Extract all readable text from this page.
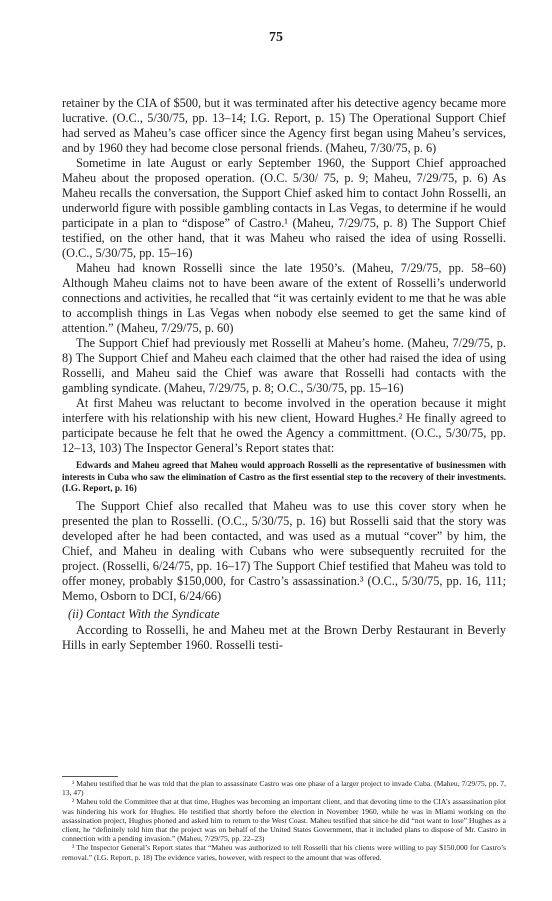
75

retainer by the CIA of $500, but it was terminated after his detective agency became more lucrative. (O.C., 5/30/75, pp. 13–14; I.G. Report, p. 15) The Operational Support Chief had served as Maheu’s case officer since the Agency first began using Maheu’s services, and by 1960 they had become close personal friends. (Maheu, 7/30/75, p. 6)

Sometime in late August or early September 1960, the Support Chief approached Maheu about the proposed operation. (O.C. 5/30/ 75, p. 9; Maheu, 7/29/75, p. 6) As Maheu recalls the conversation, the Support Chief asked him to contact John Rosselli, an underworld figure with possible gambling contacts in Las Vegas, to determine if he would participate in a plan to “dispose” of Castro.¹ (Maheu, 7/29/75, p. 8) The Support Chief testified, on the other hand, that it was Maheu who raised the idea of using Rosselli. (O.C., 5/30/75, pp. 15–16)

Maheu had known Rosselli since the late 1950’s. (Maheu, 7/29/75, pp. 58–60) Although Maheu claims not to have been aware of the extent of Rosselli’s underworld connections and activities, he recalled that “it was certainly evident to me that he was able to accomplish things in Las Vegas when nobody else seemed to get the same kind of attention.” (Maheu, 7/29/75, p. 60)

The Support Chief had previously met Rosselli at Maheu’s home. (Maheu, 7/29/75, p. 8) The Support Chief and Maheu each claimed that the other had raised the idea of using Rosselli, and Maheu said the Chief was aware that Rosselli had contacts with the gambling syndicate. (Maheu, 7/29/75, p. 8; O.C., 5/30/75, pp. 15–16)

At first Maheu was reluctant to become involved in the operation because it might interfere with his relationship with his new client, Howard Hughes.² He finally agreed to participate because he felt that he owed the Agency a committment. (O.C., 5/30/75, pp. 12–13, 103) The Inspector General’s Report states that:

Edwards and Maheu agreed that Maheu would approach Rosselli as the representative of businessmen with interests in Cuba who saw the elimination of Castro as the first essential step to the recovery of their investments. (I.G. Report, p. 16)

The Support Chief also recalled that Maheu was to use this cover story when he presented the plan to Rosselli. (O.C., 5/30/75, p. 16) but Rosselli said that the story was developed after he had been contacted, and was used as a mutual “cover” by him, the Chief, and Maheu in dealing with Cubans who were subsequently recruited for the project. (Rosselli, 6/24/75, pp. 16–17) The Support Chief testified that Maheu was told to offer money, probably $150,000, for Castro’s assassination.³ (O.C., 5/30/75, pp. 16, 111; Memo, Osborn to DCI, 6/24/66)

(ii) Contact With the Syndicate

According to Rosselli, he and Maheu met at the Brown Derby Restaurant in Beverly Hills in early September 1960. Rosselli testi-

¹ Maheu testified that he was told that the plan to assassinate Castro was one phase of a larger project to invade Cuba. (Maheu, 7/29/75, pp. 7, 13, 47)

² Maheu told the Committee that at that time, Hughes was becoming an important client, and that devoting time to the CIA’s assassination plot was hindering his work for Hughes. He testified that shortly before the election in November 1960, while he was in Miami working on the assassination project, Hughes phoned and asked him to return to the West Coast. Maheu testified that since he did “not want to lose” Hughes as a client, he “definitely told him that the project was on behalf of the United States Government, that it included plans to dispose of Mr. Castro in connection with a pending invasion.” (Maheu, 7/29/75, pp. 22–23)

³ The Inspector General’s Report states that “Maheu was authorized to tell Rosselli that his clients were willing to pay $150,000 for Castro’s removal.” (I.G. Report, p. 18) The evidence varies, however, with respect to the amount that was offered.
